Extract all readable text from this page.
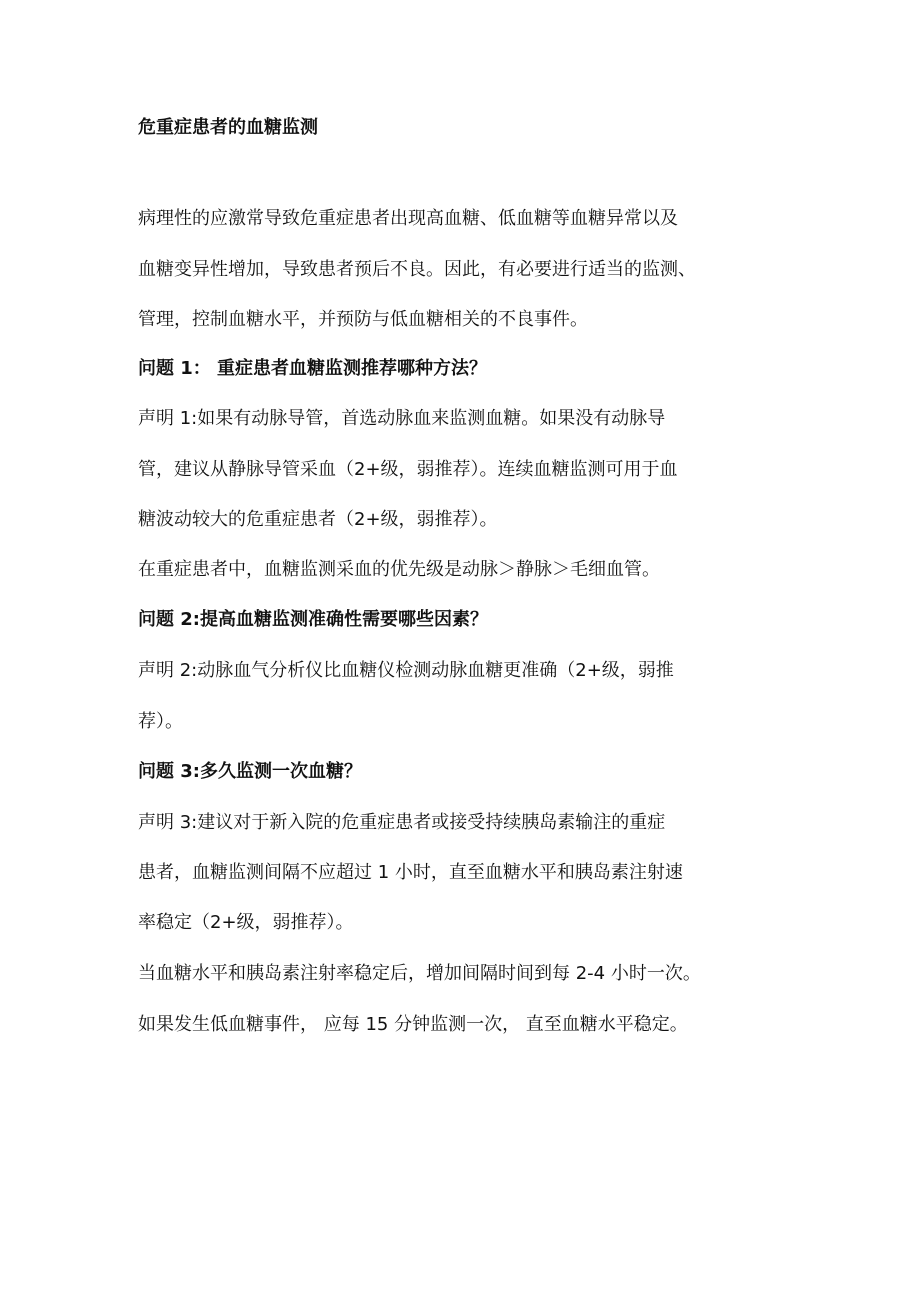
危重症患者的血糖监测
病理性的应激常导致危重症患者出现高血糖、低血糖等血糖异常以及
血糖变异性增加，导致患者预后不良。因此，有必要进行适当的监测、
管理，控制血糖水平，并预防与低血糖相关的不良事件。
问题 1： 重症患者血糖监测推荐哪种方法？
声明 1:如果有动脉导管，首选动脉血来监测血糖。如果没有动脉导
管，建议从静脉导管采血（2+级，弱推荐）。连续血糖监测可用于血
糖波动较大的危重症患者（2+级，弱推荐）。
在重症患者中，血糖监测采血的优先级是动脉＞静脉＞毛细血管。
问题 2:提高血糖监测准确性需要哪些因素？
声明 2:动脉血气分析仪比血糖仪检测动脉血糖更准确（2+级，弱推
荐）。
问题 3:多久监测一次血糖？
声明 3:建议对于新入院的危重症患者或接受持续胰岛素输注的重症
患者，血糖监测间隔不应超过 1 小时，直至血糖水平和胰岛素注射速
率稳定（2+级，弱推荐）。
当血糖水平和胰岛素注射率稳定后，增加间隔时间到每 2-4 小时一次。
如果发生低血糖事件， 应每 15 分钟监测一次， 直至血糖水平稳定。
